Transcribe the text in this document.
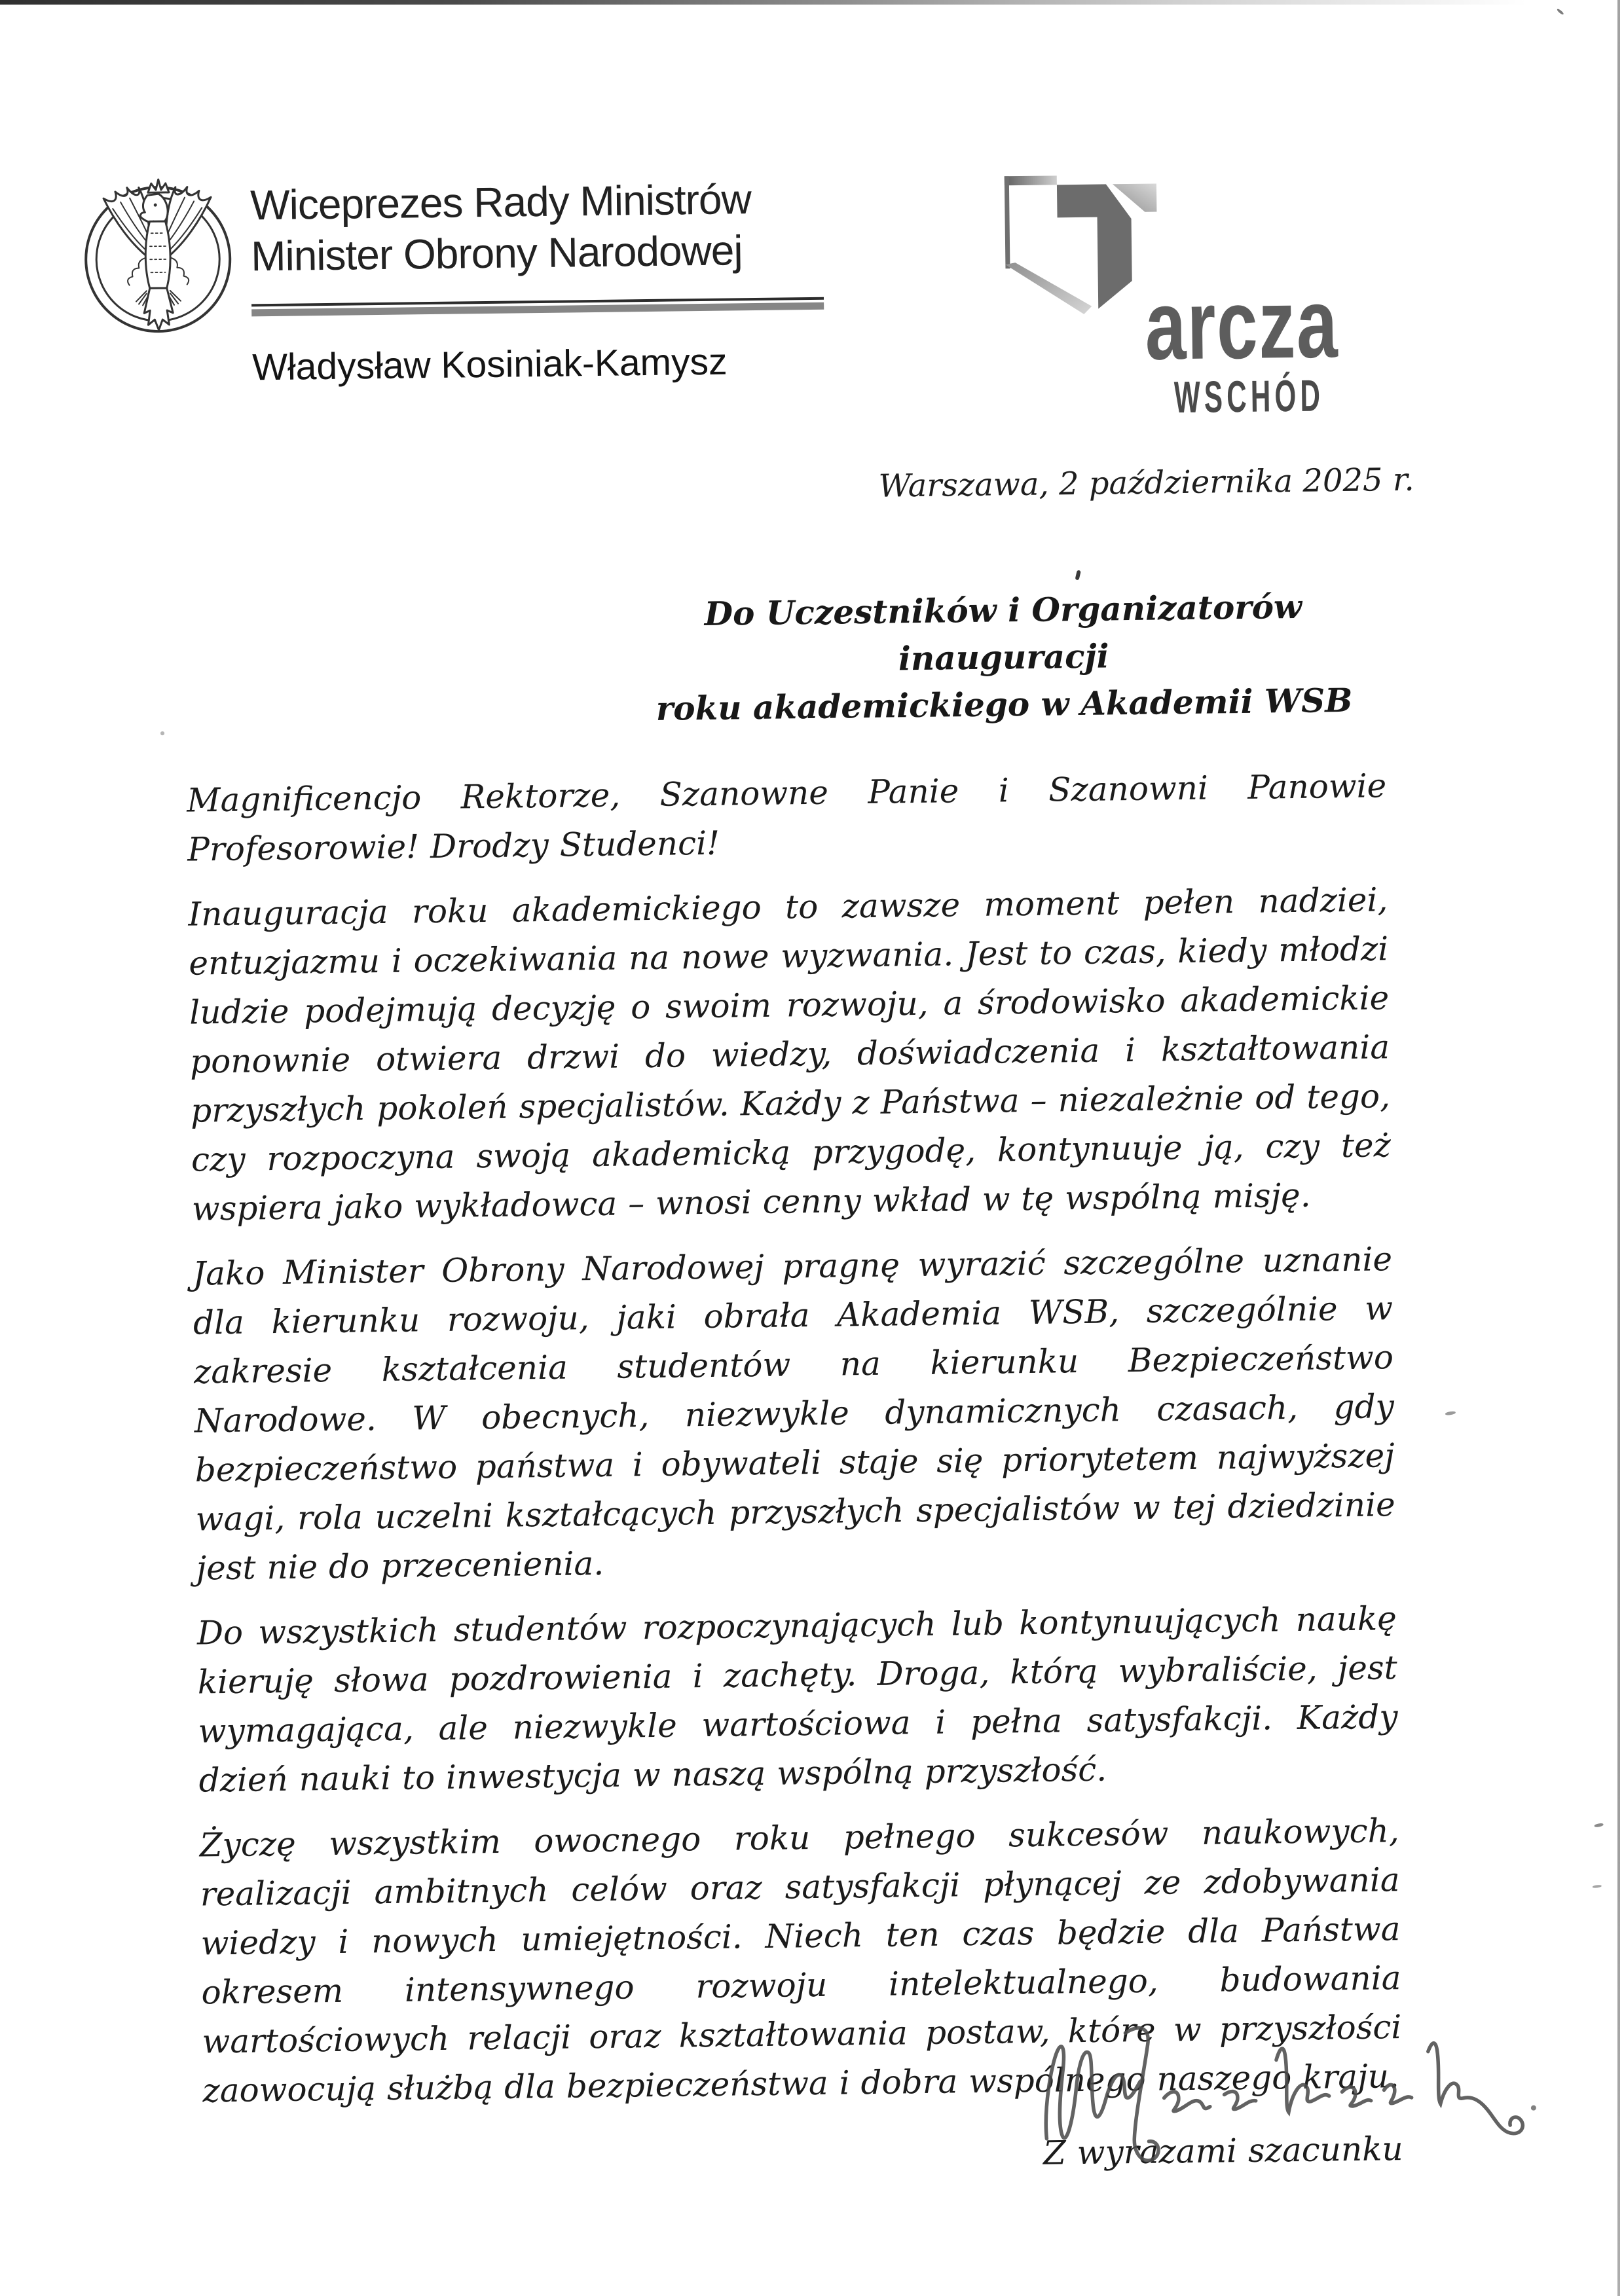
Wiceprezes Rady Ministrów
Minister Obrony Narodowej
Władysław Kosiniak-Kamysz	arcza
WSCHÓD
Warszawa, 2 października 2025 r.
Do Uczestników i Organizatorów inauguracji
roku akademickiego w Akademii WSB

Magnificencjo Rektorze, Szanowne Panie i Szanowni Panowie Profesorowie! Drodzy Studenci!

Inauguracja roku akademickiego to zawsze moment pełen nadziei, entuzjazmu i oczekiwania na nowe wyzwania. Jest to czas, kiedy młodzi ludzie podejmują decyzję o swoim rozwoju, a środowisko akademickie ponownie otwiera drzwi do wiedzy, doświadczenia i kształtowania przyszłych pokoleń specjalistów. Każdy z Państwa – niezależnie od tego, czy rozpoczyna swoją akademicką przygodę, kontynuuje ją, czy też wspiera jako wykładowca – wnosi cenny wkład w tę wspólną misję.

Jako Minister Obrony Narodowej pragnę wyrazić szczególne uznanie dla kierunku rozwoju, jaki obrała Akademia WSB, szczególnie w zakresie kształcenia studentów na kierunku Bezpieczeństwo Narodowe. W obecnych, niezwykle dynamicznych czasach, gdy bezpieczeństwo państwa i obywateli staje się priorytetem najwyższej wagi, rola uczelni kształcących przyszłych specjalistów w tej dziedzinie jest nie do przecenienia.

Do wszystkich studentów rozpoczynających lub kontynuujących naukę kieruję słowa pozdrowienia i zachęty. Droga, którą wybraliście, jest wymagająca, ale niezwykle wartościowa i pełna satysfakcji. Każdy dzień nauki to inwestycja w naszą wspólną przyszłość.

Życzę wszystkim owocnego roku pełnego sukcesów naukowych, realizacji ambitnych celów oraz satysfakcji płynącej ze zdobywania wiedzy i nowych umiejętności. Niech ten czas będzie dla Państwa okresem intensywnego rozwoju intelektualnego, budowania wartościowych relacji oraz kształtowania postaw, które w przyszłości zaowocują służbą dla bezpieczeństwa i dobra wspólnego naszego kraju.

Z wyrazami szacunku
